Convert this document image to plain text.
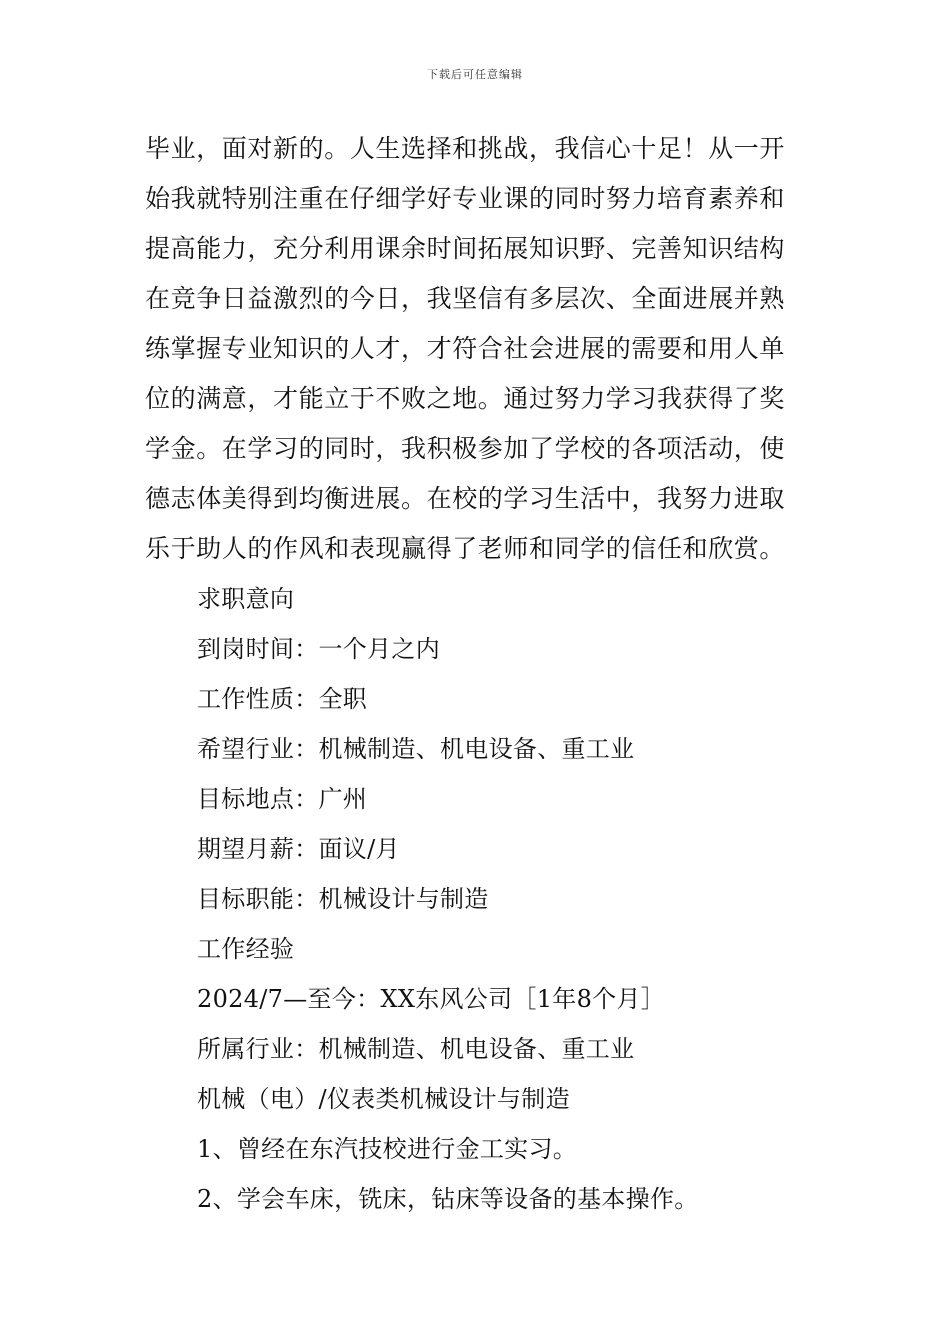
下载后可任意编辑
毕业，面对新的。人生选择和挑战，我信心十足！从一开
始我就特别注重在仔细学好专业课的同时努力培育素养和
提高能力，充分利用课余时间拓展知识野、完善知识结构
在竞争日益激烈的今日，我坚信有多层次、全面进展并熟
练掌握专业知识的人才，才符合社会进展的需要和用人单
位的满意，才能立于不败之地。通过努力学习我获得了奖
学金。在学习的同时，我积极参加了学校的各项活动，使
德志体美得到均衡进展。在校的学习生活中，我努力进取
乐于助人的作风和表现赢得了老师和同学的信任和欣赏。
求职意向
到岗时间：一个月之内
工作性质：全职
希望行业：机械制造、机电设备、重工业
目标地点：广州
期望月薪：面议/月
目标职能：机械设计与制造
工作经验
2024/7—至今：XX东风公司［1年8个月］
所属行业：机械制造、机电设备、重工业
机械（电）/仪表类机械设计与制造
1、曾经在东汽技校进行金工实习。
2、学会车床，铣床，钻床等设备的基本操作。
